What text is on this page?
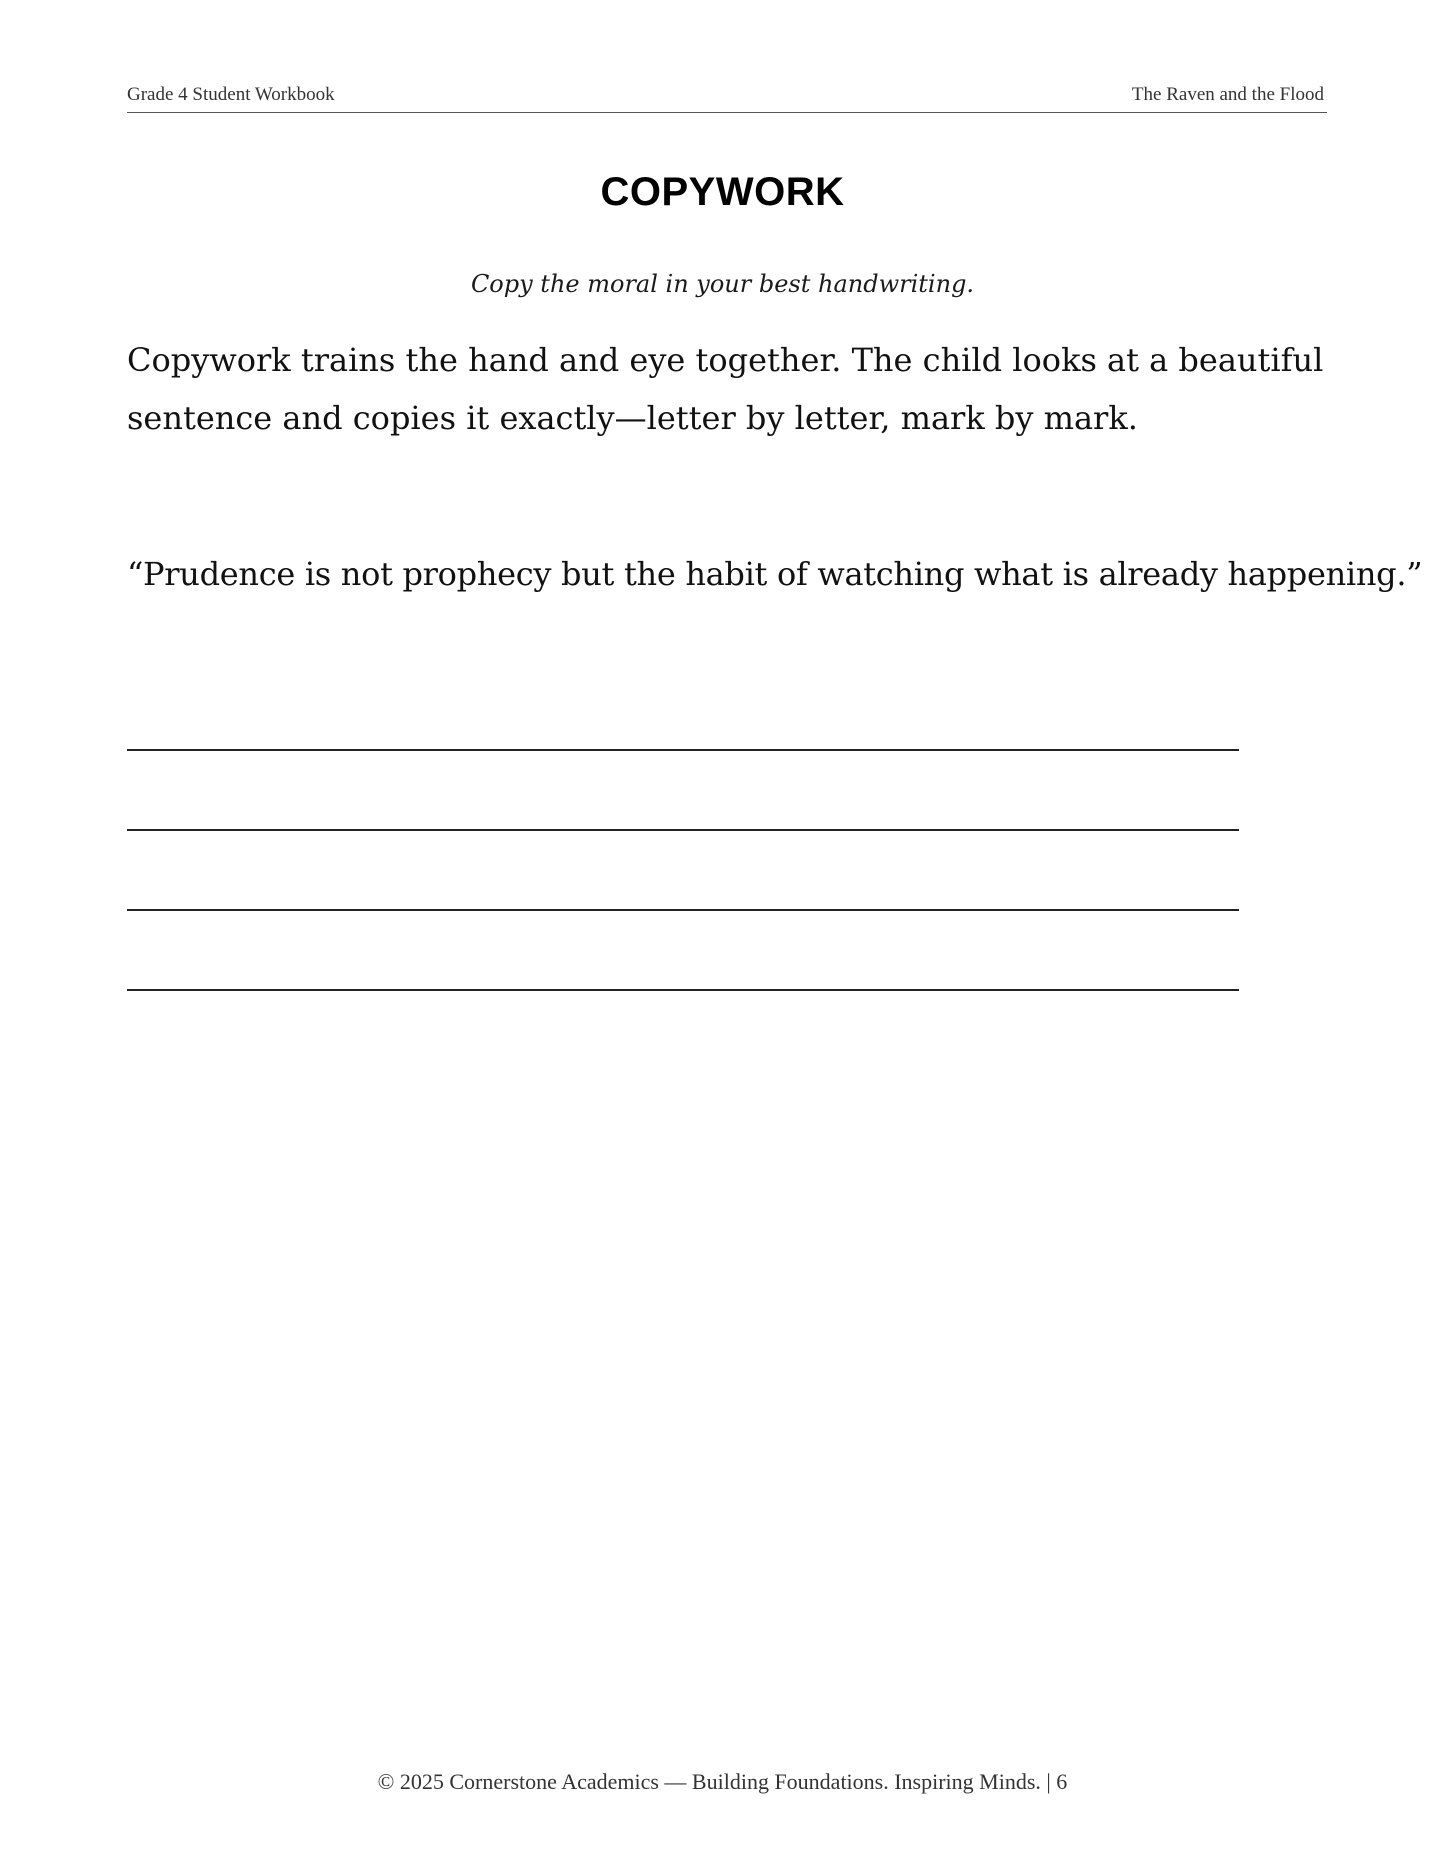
Grade 4 Student Workbook	The Raven and the Flood
COPYWORK
Copy the moral in your best handwriting.
Copywork trains the hand and eye together. The child looks at a beautiful sentence and copies it exactly—letter by letter, mark by mark.
“Prudence is not prophecy but the habit of watching what is already happening.”
© 2025 Cornerstone Academics — Building Foundations. Inspiring Minds. | 6
